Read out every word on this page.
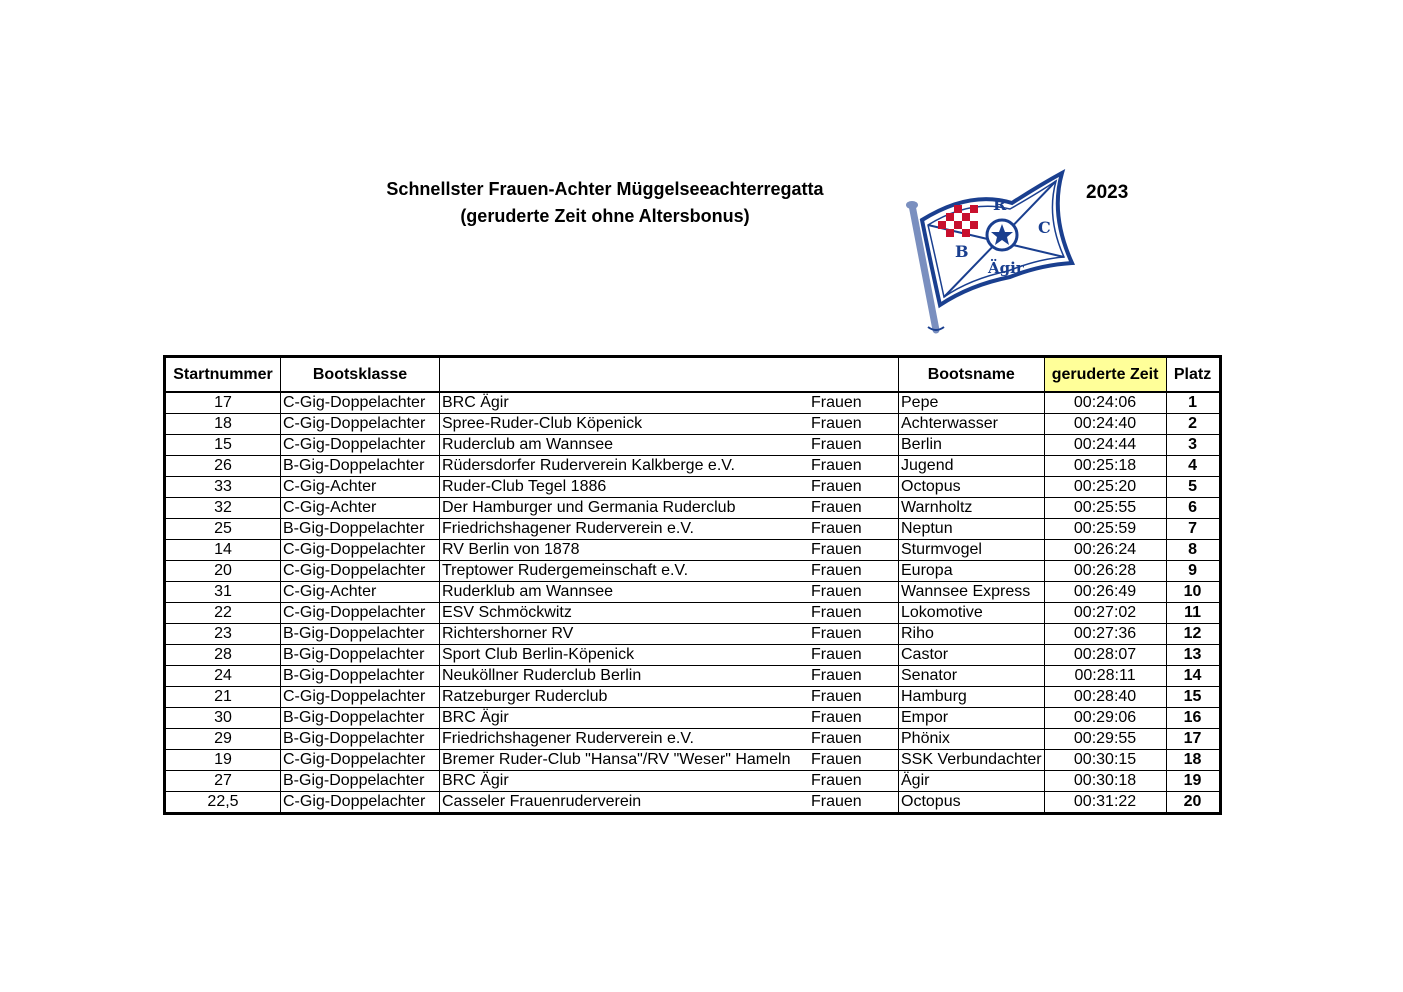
Schnellster Frauen-Achter Müggelseeachterregatta
(geruderte Zeit ohne Altersbonus)
2023
R
B
C
Ägir
Startnummer	Bootsklasse		Bootsname	geruderte Zeit	Platz
17	C-Gig-Doppelachter	BRC Ägir Frauen	Pepe	00:24:06	1
18	C-Gig-Doppelachter	Spree-Ruder-Club Köpenick Frauen	Achterwasser	00:24:40	2
15	C-Gig-Doppelachter	Ruderclub am Wannsee Frauen	Berlin	00:24:44	3
26	B-Gig-Doppelachter	Rüdersdorfer Ruderverein Kalkberge e.V. Frauen	Jugend	00:25:18	4
33	C-Gig-Achter	Ruder-Club Tegel 1886 Frauen	Octopus	00:25:20	5
32	C-Gig-Achter	Der Hamburger und Germania Ruderclub Frauen	Warnholtz	00:25:55	6
25	B-Gig-Doppelachter	Friedrichshagener Ruderverein e.V. Frauen	Neptun	00:25:59	7
14	C-Gig-Doppelachter	RV Berlin von 1878 Frauen	Sturmvogel	00:26:24	8
20	C-Gig-Doppelachter	Treptower Rudergemeinschaft e.V. Frauen	Europa	00:26:28	9
31	C-Gig-Achter	Ruderklub am Wannsee Frauen	Wannsee Express	00:26:49	10
22	C-Gig-Doppelachter	ESV Schmöckwitz Frauen	Lokomotive	00:27:02	11
23	B-Gig-Doppelachter	Richtershorner RV Frauen	Riho	00:27:36	12
28	B-Gig-Doppelachter	Sport Club Berlin-Köpenick Frauen	Castor	00:28:07	13
24	B-Gig-Doppelachter	Neuköllner Ruderclub Berlin Frauen	Senator	00:28:11	14
21	C-Gig-Doppelachter	Ratzeburger Ruderclub Frauen	Hamburg	00:28:40	15
30	B-Gig-Doppelachter	BRC Ägir Frauen	Empor	00:29:06	16
29	B-Gig-Doppelachter	Friedrichshagener Ruderverein e.V. Frauen	Phönix	00:29:55	17
19	C-Gig-Doppelachter	Bremer Ruder-Club "Hansa"/RV "Weser" Hameln Frauen	SSK Verbundachter	00:30:15	18
27	B-Gig-Doppelachter	BRC Ägir Frauen	Ägir	00:30:18	19
22,5	C-Gig-Doppelachter	Casseler Frauenruderverein Frauen	Octopus	00:31:22	20
